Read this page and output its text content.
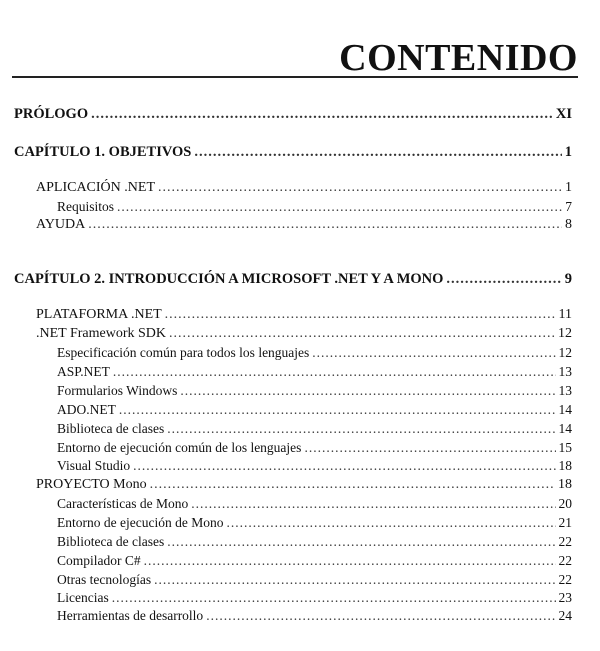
CONTENIDO
PRÓLOGO .....	XI
CAPÍTULO 1. OBJETIVOS .....	1
APLICACIÓN .NET .....	1
Requisitos .....	7
AYUDA .....	8
CAPÍTULO 2. INTRODUCCIÓN A MICROSOFT .NET Y A MONO .....	9
PLATAFORMA .NET .....	11
.NET Framework SDK .....	12
Especificación común para todos los lenguajes .....	12
ASP.NET .....	13
Formularios Windows .....	13
ADO.NET .....	14
Biblioteca de clases .....	14
Entorno de ejecución común de los lenguajes .....	15
Visual Studio .....	18
PROYECTO Mono .....	18
Características de Mono .....	20
Entorno de ejecución de Mono .....	21
Biblioteca de clases .....	22
Compilador C# .....	22
Otras tecnologías .....	22
Licencias .....	23
Herramientas de desarrollo .....	24
